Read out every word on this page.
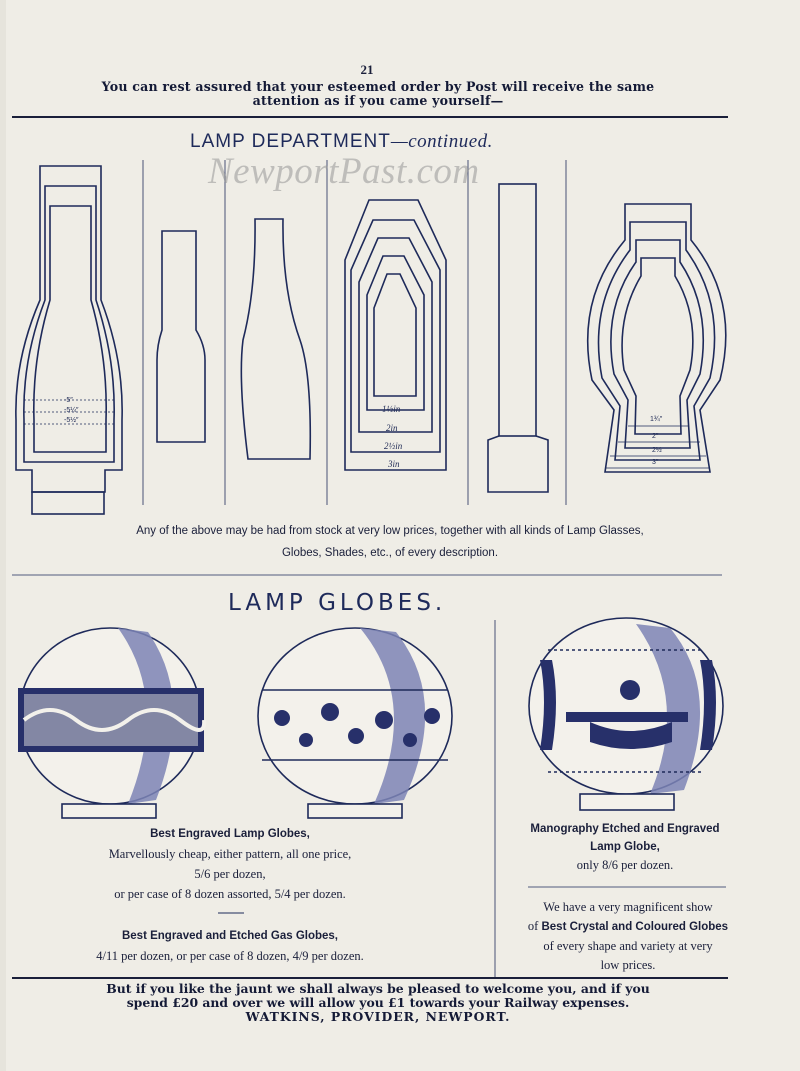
21
You can rest assured that your esteemed order by Post will receive the same
attention as if you came yourself—
LAMP DEPARTMENT—continued.
NewportPast.com
-5″
-5¼″
-5½″
1½in
2in
2½in
3in
1¾″
2″
2½
3″
Any of the above may be had from stock at very low prices, together with all kinds of Lamp Glasses,
Globes, Shades, etc., of every description.
LAMP GLOBES.
Best Engraved Lamp Globes,
Marvellously cheap, either pattern, all one price,
5/6 per dozen,
or per case of 8 dozen assorted, 5/4 per dozen.
Best Engraved and Etched Gas Globes,
4/11 per dozen, or per case of 8 dozen, 4/9 per dozen.
Manography Etched and Engraved
Lamp Globe,
only 8/6 per dozen.
We have a very magnificent show
of Best Crystal and Coloured Globes
of every shape and variety at very
low prices.
But if you like the jaunt we shall always be pleased to welcome you, and if you
spend £20 and over we will allow you £1 towards your Railway expenses.
WATKINS, PROVIDER, NEWPORT.
